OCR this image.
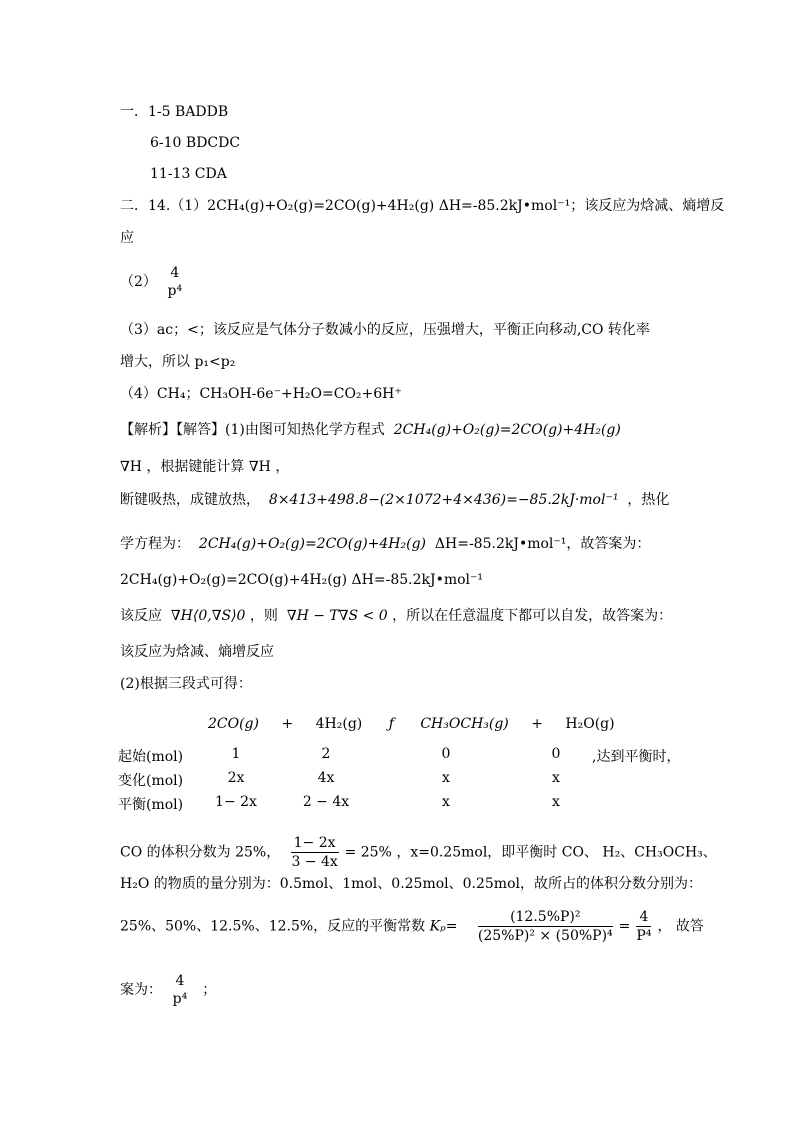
一．1-5 BADDB
6-10 BDCDC
11-13 CDA
二．14.（1）2CH₄(g)+O₂(g)=2CO(g)+4H₂(g) ΔH=-85.2kJ•mol⁻¹；该反应为焓减、熵增反
应
（2）
4
p⁴
（3）ac；<；该反应是气体分子数减小的反应，压强增大，平衡正向移动,CO 转化率
增大，所以 p₁<p₂
（4）CH₄；CH₃OH-6e⁻+H₂O=CO₂+6H⁺
【解析】【解答】(1)由图可知热化学方程式 2CH₄(g)+O₂(g)=2CO(g)+4H₂(g)
∇H ，根据键能计算 ∇H ，
断键吸热，成键放热， 8×413+498.8−(2×1072+4×436)=−85.2kJ·mol⁻¹ ，热化
学方程为： 2CH₄(g)+O₂(g)=2CO(g)+4H₂(g) ΔH=-85.2kJ•mol⁻¹，故答案为：
2CH₄(g)+O₂(g)=2CO(g)+4H₂(g) ΔH=-85.2kJ•mol⁻¹
该反应 ∇H⟨0,∇S⟩0 ，则 ∇H − T∇S < 0 ，所以在任意温度下都可以自发，故答案为：
该反应为焓减、熵增反应
(2)根据三段式可得：
2CO(g) + 4H₂(g) ƒ CH₃OCH₃(g) + H₂O(g)
起始(mol)	1	2	0	0	,达到平衡时，
变化(mol)	2x	4x	x	x
平衡(mol)	1− 2x	2 − 4x	x	x
CO 的体积分数为 25%， $\frac{1- 2x}{3 - 4x} = 25\%$ ，x=0.25mol，即平衡时 CO、 H₂、CH₃OCH₃、
H₂O 的物质的量分别为：0.5mol、1mol、0.25mol、0.25mol，故所占的体积分数分别为：
25%、50%、12.5%、12.5%，反应的平衡常数 $K_p= \frac{\text{(12.5\%P)²}}{\text{(25\%P)² × (50\%P)⁴}} = \frac{4}{\text{P⁴}}$ ， 故答
案为：
4
p⁴
；
